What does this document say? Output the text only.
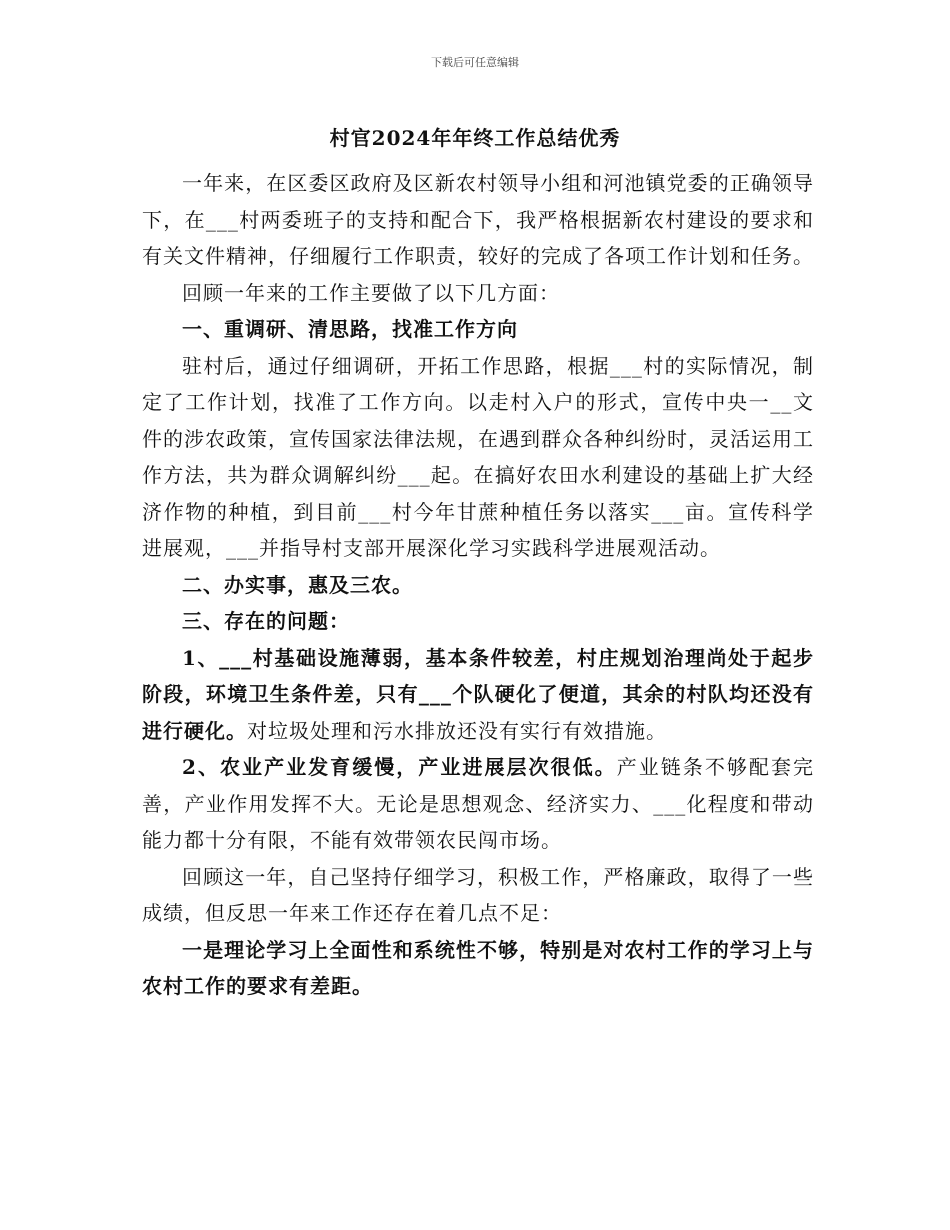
下载后可任意编辑
村官2024年年终工作总结优秀

一年来，在区委区政府及区新农村领导小组和河池镇党委的正确领导下，在___村两委班子的支持和配合下，我严格根据新农村建设的要求和有关文件精神，仔细履行工作职责，较好的完成了各项工作计划和任务。

回顾一年来的工作主要做了以下几方面：

一、重调研、清思路，找准工作方向

驻村后，通过仔细调研，开拓工作思路，根据___村的实际情况，制定了工作计划，找准了工作方向。以走村入户的形式，宣传中央一__文件的涉农政策，宣传国家法律法规，在遇到群众各种纠纷时，灵活运用工作方法，共为群众调解纠纷___起。在搞好农田水利建设的基础上扩大经济作物的种植，到目前___村今年甘蔗种植任务以落实___亩。宣传科学进展观，___并指导村支部开展深化学习实践科学进展观活动。

二、办实事，惠及三农。

三、存在的问题：

1、___村基础设施薄弱，基本条件较差，村庄规划治理尚处于起步阶段，环境卫生条件差，只有___个队硬化了便道，其余的村队均还没有进行硬化。对垃圾处理和污水排放还没有实行有效措施。

2、农业产业发育缓慢，产业进展层次很低。产业链条不够配套完善，产业作用发挥不大。无论是思想观念、经济实力、___化程度和带动能力都十分有限，不能有效带领农民闯市场。

回顾这一年，自己坚持仔细学习，积极工作，严格廉政，取得了一些成绩，但反思一年来工作还存在着几点不足：

一是理论学习上全面性和系统性不够，特别是对农村工作的学习上与农村工作的要求有差距。
